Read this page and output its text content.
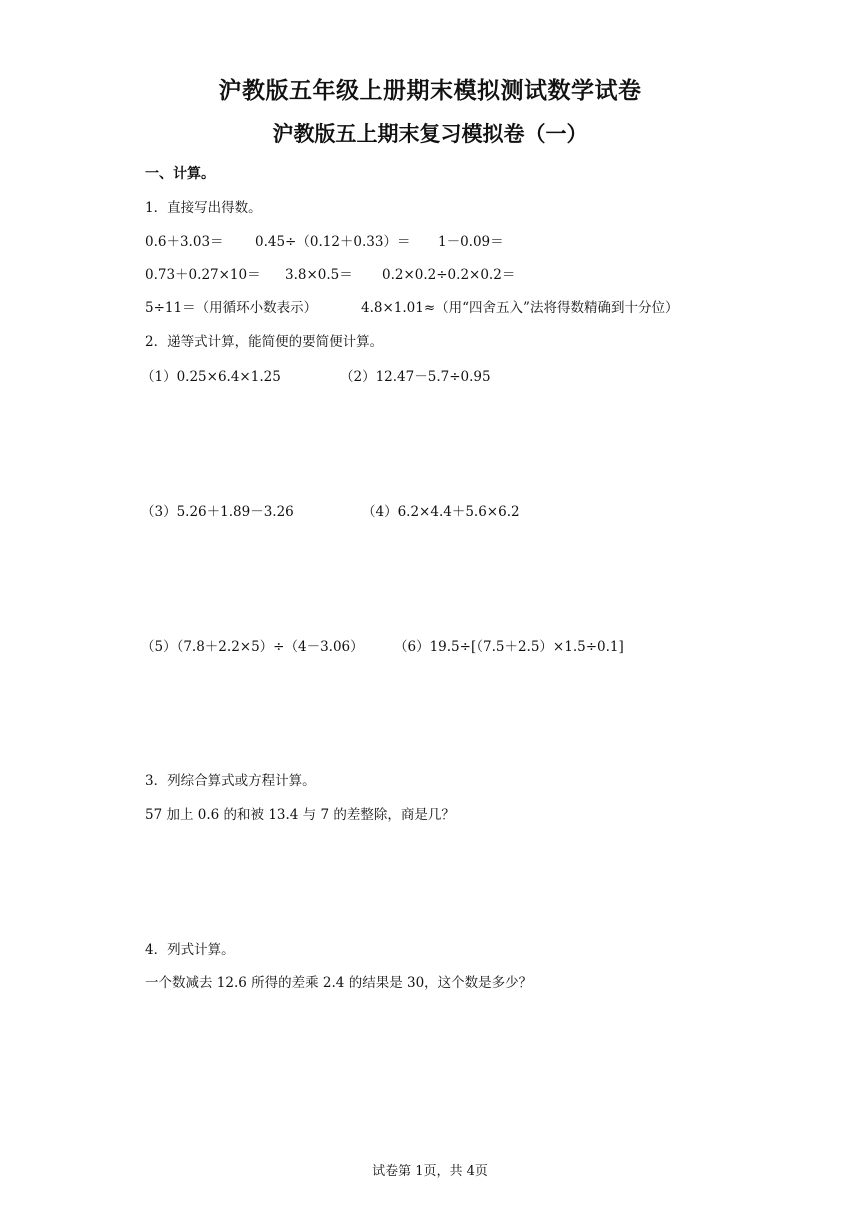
沪教版五年级上册期末模拟测试数学试卷
沪教版五上期末复习模拟卷（一）
一、计算。
1．直接写出得数。
0.6＋3.03＝ 0.45÷（0.12＋0.33）＝ 1－0.09＝
0.73＋0.27×10＝ 3.8×0.5＝ 0.2×0.2÷0.2×0.2＝
5÷11＝（用循环小数表示）	4.8×1.01≈（用“四舍五入”法将得数精确到十分位）
2．递等式计算，能简便的要简便计算。
（1）0.25×6.4×1.25	（2）12.47－5.7÷0.95
（3）5.26＋1.89－3.26	（4）6.2×4.4＋5.6×6.2
（5）（7.8＋2.2×5）÷（4－3.06） （6）19.5÷[（7.5＋2.5）×1.5÷0.1]
3．列综合算式或方程计算。
57 加上 0.6 的和被 13.4 与 7 的差整除，商是几？
4．列式计算。
一个数减去 12.6 所得的差乘 2.4 的结果是 30，这个数是多少？
试卷第 1页，共 4页
